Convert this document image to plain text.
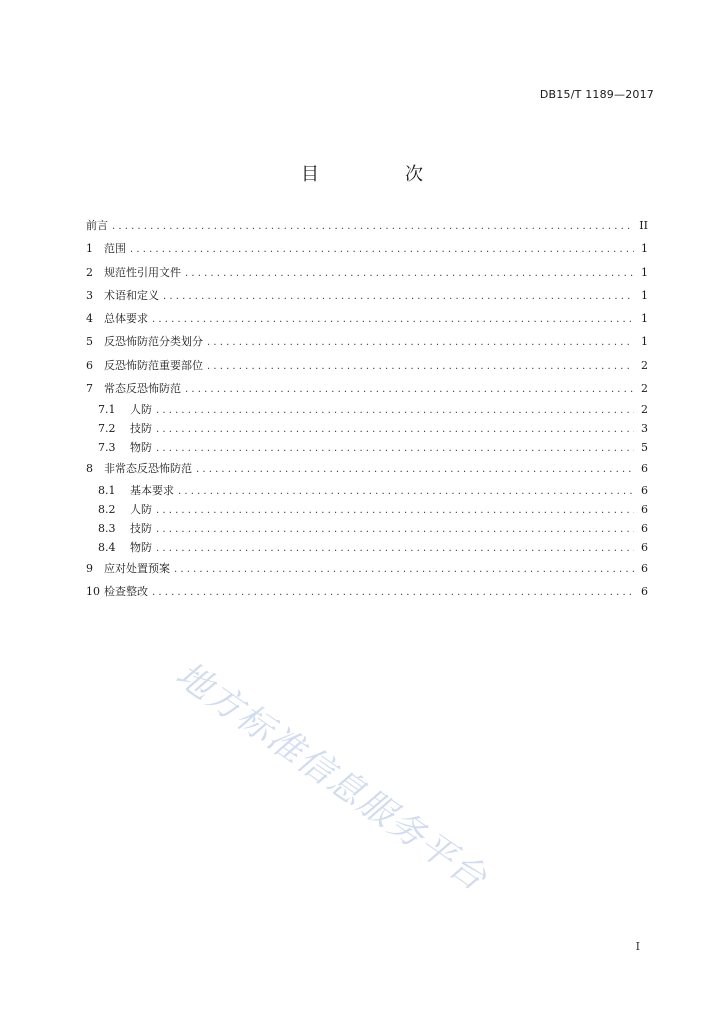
DB15/T 1189—2017
目　次
前言 . . .	II
1	范围 . . .	1
2	规范性引用文件 . . .	1
3	术语和定义 . . .	1
4	总体要求 . . .	1
5	反恐怖防范分类划分 . . .	1
6	反恐怖防范重要部位 . . .	2
7	常态反恐怖防范 . . .	2
7.1	人防 . . .	2
7.2	技防 . . .	3
7.3	物防 . . .	5
8	非常态反恐怖防范 . . .	6
8.1	基本要求 . . .	6
8.2	人防 . . .	6
8.3	技防 . . .	6
8.4	物防 . . .	6
9	应对处置预案 . . .	6
10 检查整改 . . .	6
地方标准信息服务平台
I
